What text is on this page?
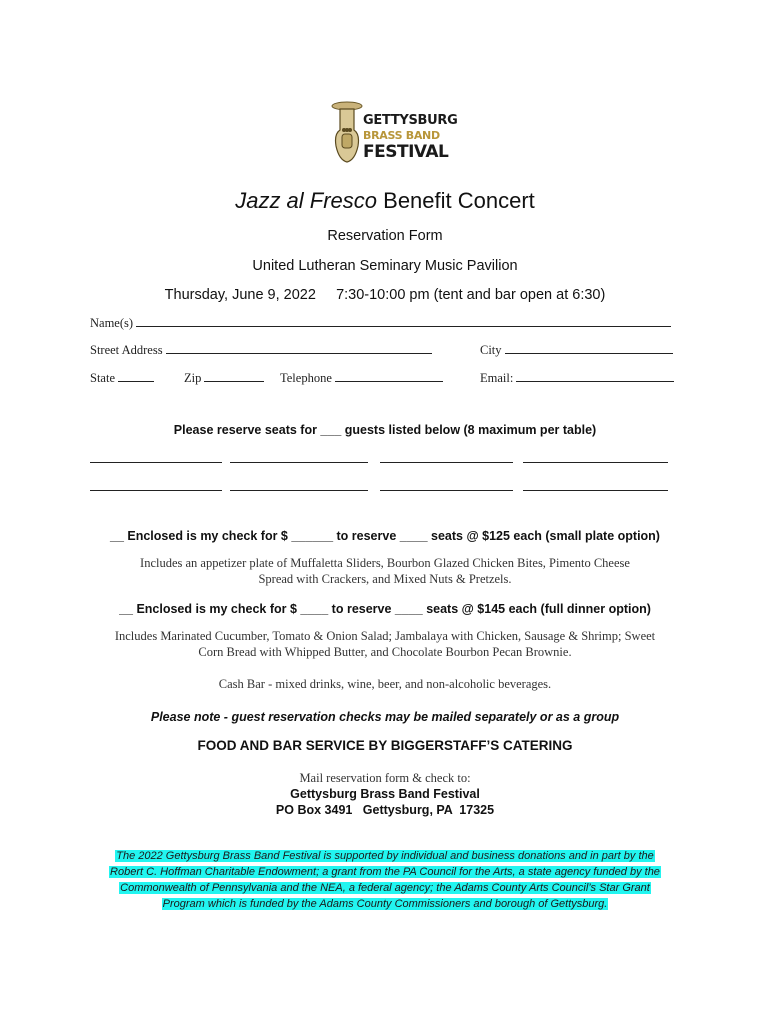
GETTYSBURG
BRASS BAND
FESTIVAL
Jazz al Fresco Benefit Concert
Reservation Form
United Lutheran Seminary Music Pavilion
Thursday, June 9, 2022     7:30-10:00 pm (tent and bar open at 6:30)
Name(s)
Street Address	City
State	Zip	Telephone	Email:
Please reserve seats for ___ guests listed below (8 maximum per table)
__ Enclosed is my check for $ ______ to reserve ____ seats @ $125 each (small plate option)
Includes an appetizer plate of Muffaletta Sliders, Bourbon Glazed Chicken Bites, Pimento Cheese
Spread with Crackers, and Mixed Nuts & Pretzels.
__ Enclosed is my check for $ ____ to reserve ____ seats @ $145 each (full dinner option)
Includes Marinated Cucumber, Tomato & Onion Salad; Jambalaya with Chicken, Sausage & Shrimp; Sweet
Corn Bread with Whipped Butter, and Chocolate Bourbon Pecan Brownie.
Cash Bar - mixed drinks, wine, beer, and non-alcoholic beverages.
Please note - guest reservation checks may be mailed separately or as a group
FOOD AND BAR SERVICE BY BIGGERSTAFF’S CATERING
Mail reservation form & check to:
Gettysburg Brass Band Festival
PO Box 3491   Gettysburg, PA  17325
The 2022 Gettysburg Brass Band Festival is supported by individual and business donations and in part by the Robert C. Hoffman Charitable Endowment; a grant from the PA Council for the Arts, a state agency funded by the Commonwealth of Pennsylvania and the NEA, a federal agency; the Adams County Arts Council’s Star Grant Program which is funded by the Adams County Commissioners and borough of Gettysburg.
